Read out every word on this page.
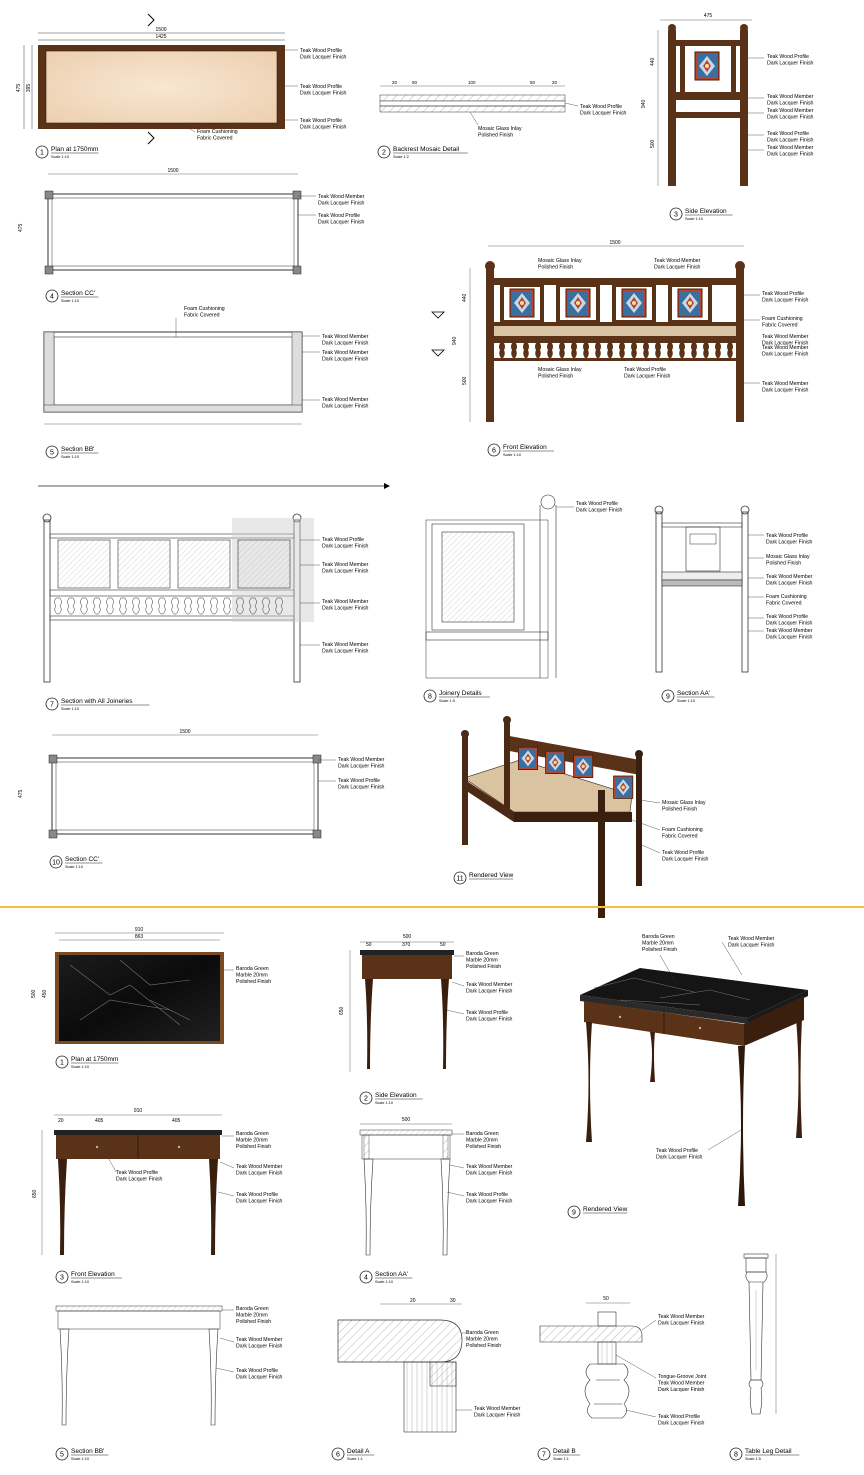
1500
1425
475 395
Teak Wood Profile Dark Lacquer Finish
Teak Wood Profile Dark Lacquer Finish
Teak Wood Profile Dark Lacquer Finish
Foam Cushioning Fabric Covered
20	50	100	50	20
Teak Wood Profile Dark Lacquer Finish
Mosaic Glass Inlay Polished Finish
475
440
940
500
Teak Wood Profile Dark Lacquer Finish
Teak Wood Member Dark Lacquer Finish
Teak Wood Member Dark Lacquer Finish
Teak Wood Profile Dark Lacquer Finish
Teak Wood Member Dark Lacquer Finish
1500
475
Teak Wood Member Dark Lacquer Finish
Teak Wood Profile Dark Lacquer Finish
Foam Cushioning Fabric Covered
Teak Wood Member Dark Lacquer Finish
Teak Wood Member Dark Lacquer Finish
Teak Wood Member Dark Lacquer Finish
1500
440
940
500
Mosaic Glass Inlay Polished Finish
Teak Wood Member Dark Lacquer Finish
Teak Wood Profile Dark Lacquer Finish
Foam Cushioning Fabric Covered
Teak Wood Member Dark Lacquer Finish
Teak Wood Member Dark Lacquer Finish
Mosaic Glass Inlay Polished Finish
Teak Wood Profile Dark Lacquer Finish
Teak Wood Member Dark Lacquer Finish
Teak Wood Profile Dark Lacquer Finish
Teak Wood Member Dark Lacquer Finish
Teak Wood Member Dark Lacquer Finish
Teak Wood Member Dark Lacquer Finish
Teak Wood Profile Dark Lacquer Finish
Teak Wood Profile Dark Lacquer Finish
Mosaic Glass Inlay Polished Finish
Teak Wood Member Dark Lacquer Finish
Foam Cushioning Fabric Covered
Teak Wood Profile Dark Lacquer Finish
Teak Wood Member Dark Lacquer Finish
1500
475
Teak Wood Member Dark Lacquer Finish
Teak Wood Profile Dark Lacquer Finish
Mosaic Glass Inlay Polished Finish
Foam Cushioning Fabric Covered
Teak Wood Profile Dark Lacquer Finish
910
863
500 450
Baroda Green Marble 20mm Polished Finish
500
50	370	50
650
Baroda Green Marble 20mm Polished Finish
Teak Wood Member Dark Lacquer Finish
Teak Wood Profile Dark Lacquer Finish
Baroda Green Marble 20mm Polished Finish
Teak Wood Member Dark Lacquer Finish
Teak Wood Profile Dark Lacquer Finish
910
20	405	405
650
Baroda Green Marble 20mm Polished Finish
Teak Wood Profile Dark Lacquer Finish
Teak Wood Member Dark Lacquer Finish
Teak Wood Profile Dark Lacquer Finish
500
Baroda Green Marble 20mm Polished Finish
Teak Wood Member Dark Lacquer Finish
Teak Wood Profile Dark Lacquer Finish
Baroda Green Marble 20mm Polished Finish
Teak Wood Member Dark Lacquer Finish
Teak Wood Profile Dark Lacquer Finish
20	30
Baroda Green Marble 20mm Polished Finish
Teak Wood Member Dark Lacquer Finish
50
Teak Wood Member Dark Lacquer Finish
Tongue-Groove Joint Teak Wood Member Dark Lacquer Finish
Teak Wood Profile Dark Lacquer Finish
1 Plan at 1750mm
Scale 1:10
2 Backrest Mosaic Detail
Scale 1:2
3 Side Elevation
Scale 1:10
4 Section CC'
Scale 1:10
5 Section BB'
Scale 1:10
6 Front Elevation
Scale 1:10
7 Section with All Joineries
Scale 1:10
8 Joinery Details
Scale 1:5
9 Section AA'
Scale 1:10
10 Section CC'
Scale 1:10
11 Rendered View
1 Plan at 1750mm
Scale 1:10
2 Side Elevation
Scale 1:10
9 Rendered View
3 Front Elevation
Scale 1:10
4 Section AA'
Scale 1:10
5 Section BB'
Scale 1:10
6 Detail A
Scale 1:1
7 Detail B
Scale 1:1
8 Table Leg Detail
Scale 1:5
